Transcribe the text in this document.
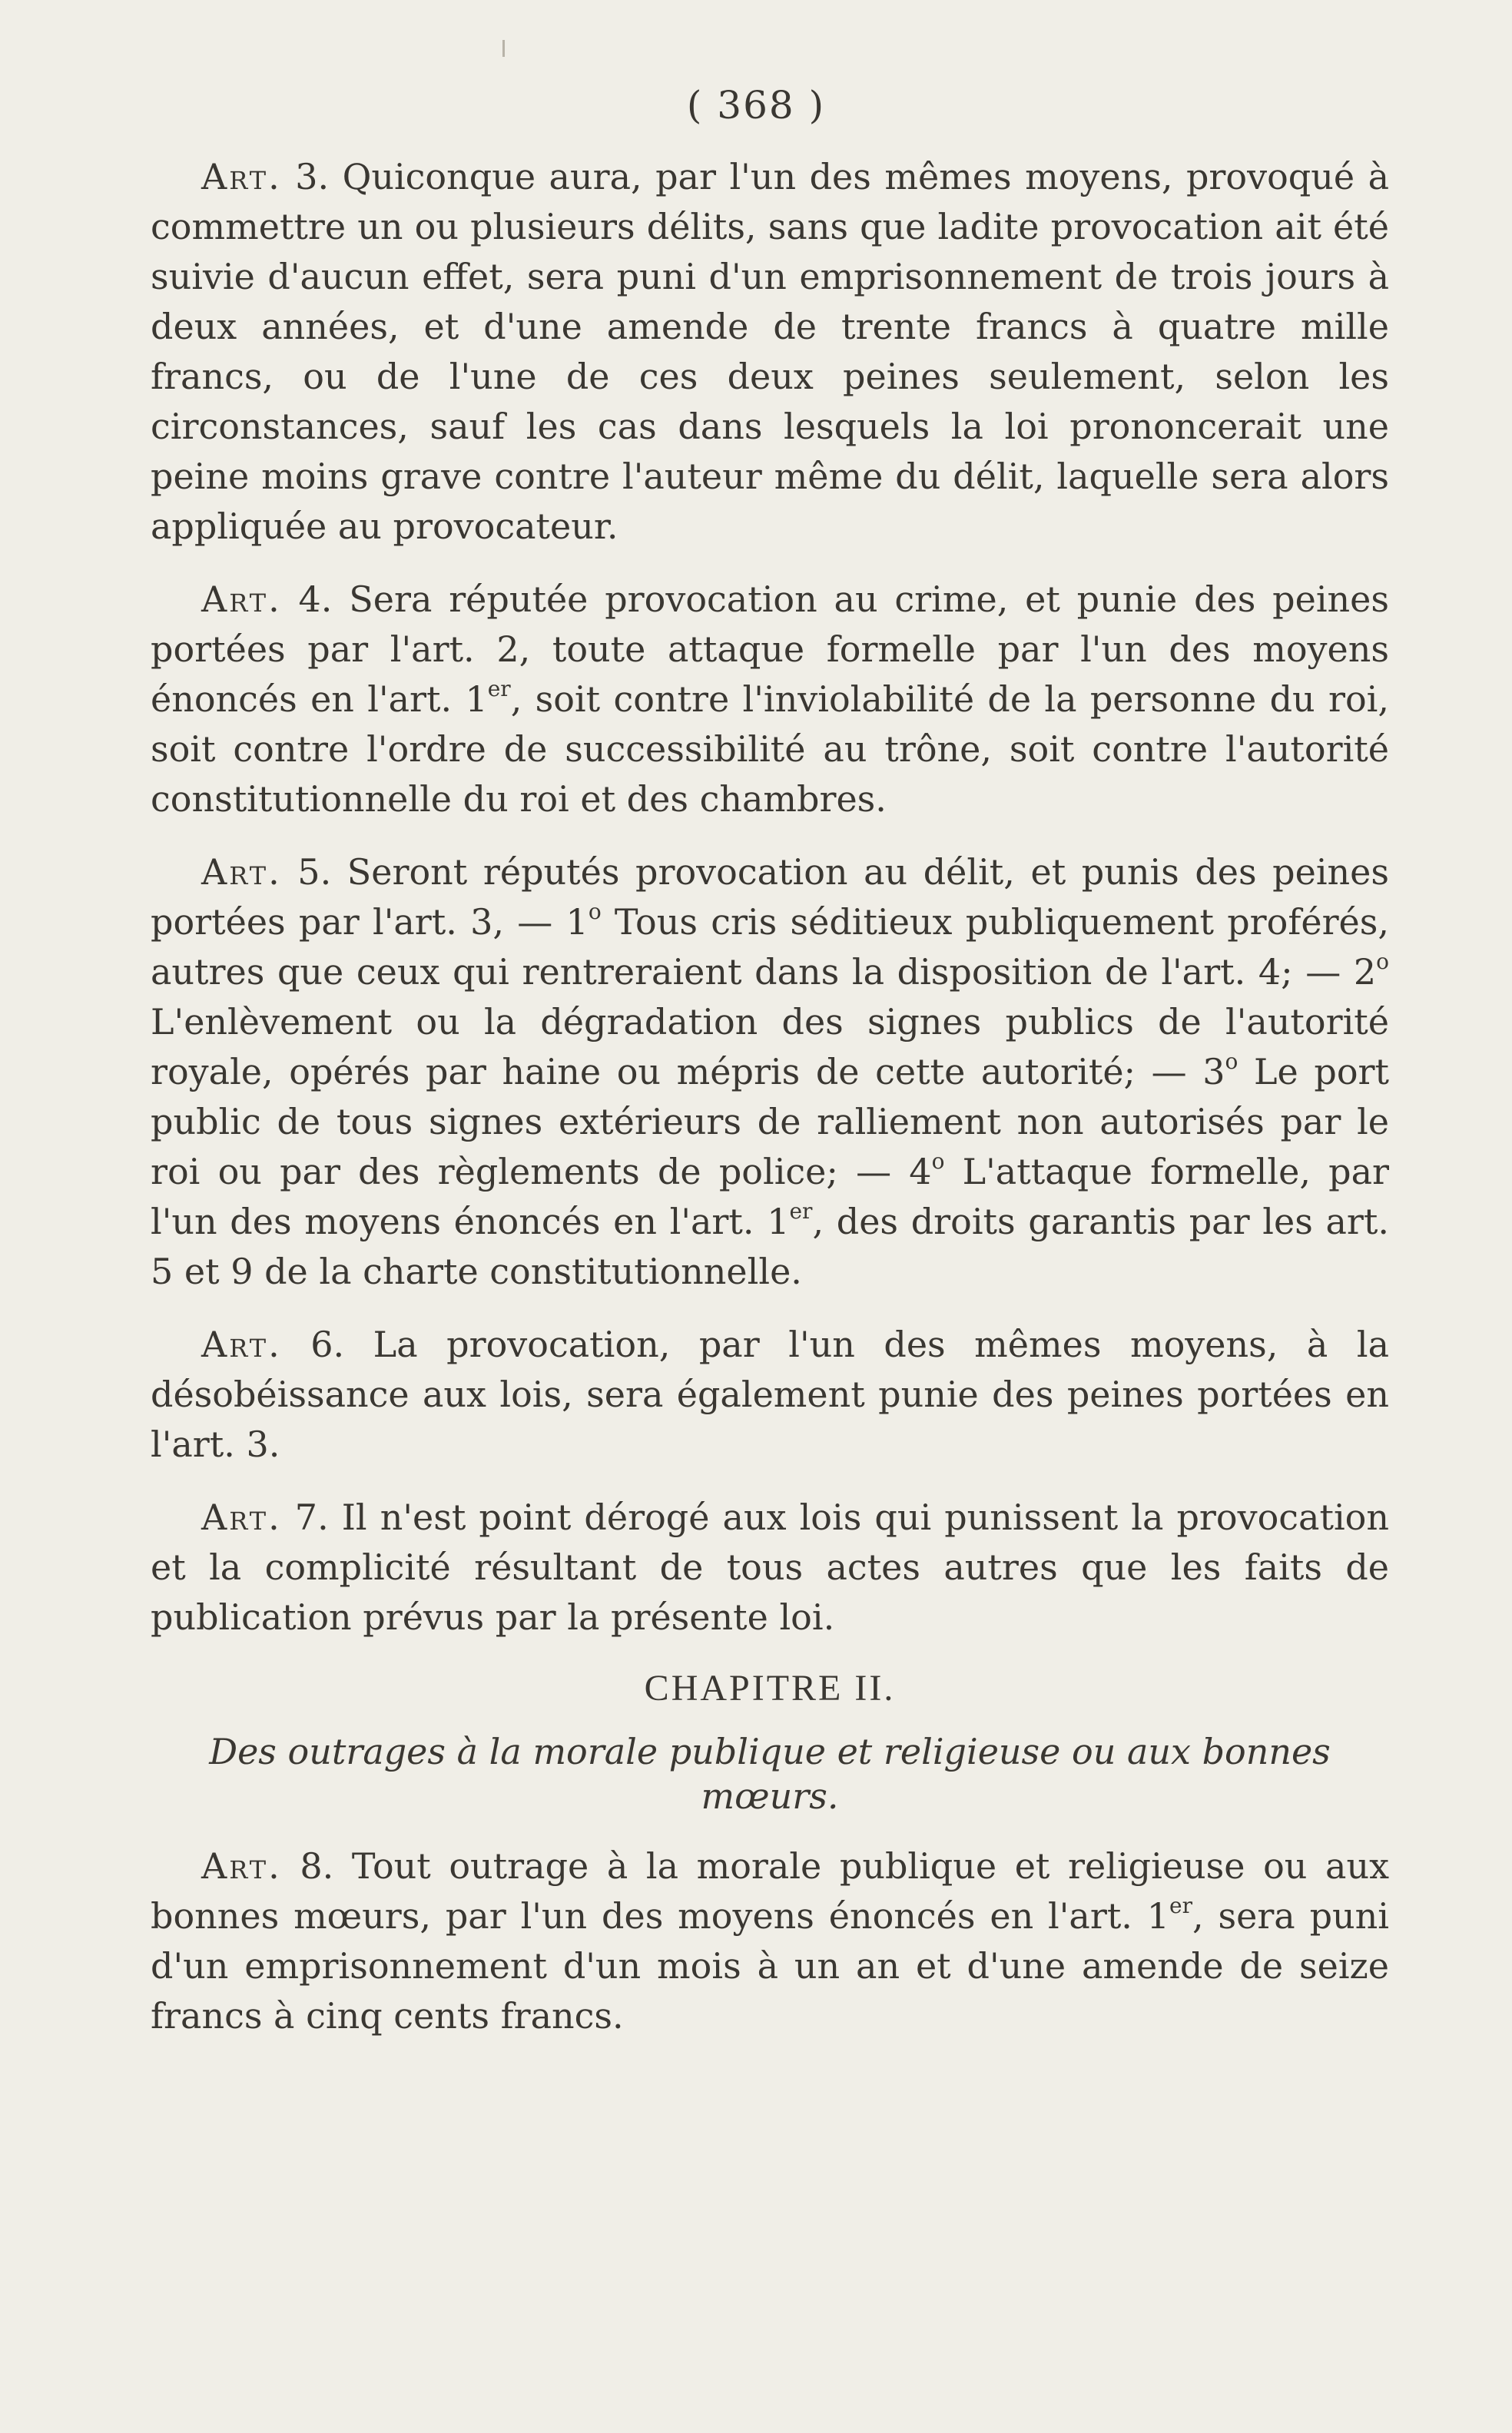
( 368 )

Art. 3. Quiconque aura, par l'un des mêmes moyens, provoqué à commettre un ou plusieurs délits, sans que ladite provocation ait été suivie d'aucun effet, sera puni d'un emprisonnement de trois jours à deux années, et d'une amende de trente francs à quatre mille francs, ou de l'une de ces deux peines seulement, selon les circonstances, sauf les cas dans lesquels la loi prononcerait une peine moins grave contre l'auteur même du délit, laquelle sera alors appliquée au provocateur.

Art. 4. Sera réputée provocation au crime, et punie des peines portées par l'art. 2, toute attaque formelle par l'un des moyens énoncés en l'art. 1er, soit contre l'inviolabilité de la personne du roi, soit contre l'ordre de successibilité au trône, soit contre l'autorité constitutionnelle du roi et des chambres.

Art. 5. Seront réputés provocation au délit, et punis des peines portées par l'art. 3, — 1$^o$ Tous cris séditieux publiquement proférés, autres que ceux qui rentreraient dans la disposition de l'art. 4; — 2$^o$ L'enlèvement ou la dégradation des signes publics de l'autorité royale, opérés par haine ou mépris de cette autorité; — 3$^o$ Le port public de tous signes extérieurs de ralliement non autorisés par le roi ou par des règlements de police; — 4$^o$ L'attaque formelle, par l'un des moyens énoncés en l'art. 1er, des droits garantis par les art. 5 et 9 de la charte constitutionnelle.

Art. 6. La provocation, par l'un des mêmes moyens, à la désobéissance aux lois, sera également punie des peines portées en l'art. 3.

Art. 7. Il n'est point dérogé aux lois qui punissent la provocation et la complicité résultant de tous actes autres que les faits de publication prévus par la présente loi.

CHAPITRE II.
Des outrages à la morale publique et religieuse ou aux bonnes mœurs.

Art. 8. Tout outrage à la morale publique et religieuse ou aux bonnes mœurs, par l'un des moyens énoncés en l'art. 1er, sera puni d'un emprisonnement d'un mois à un an et d'une amende de seize francs à cinq cents francs.
